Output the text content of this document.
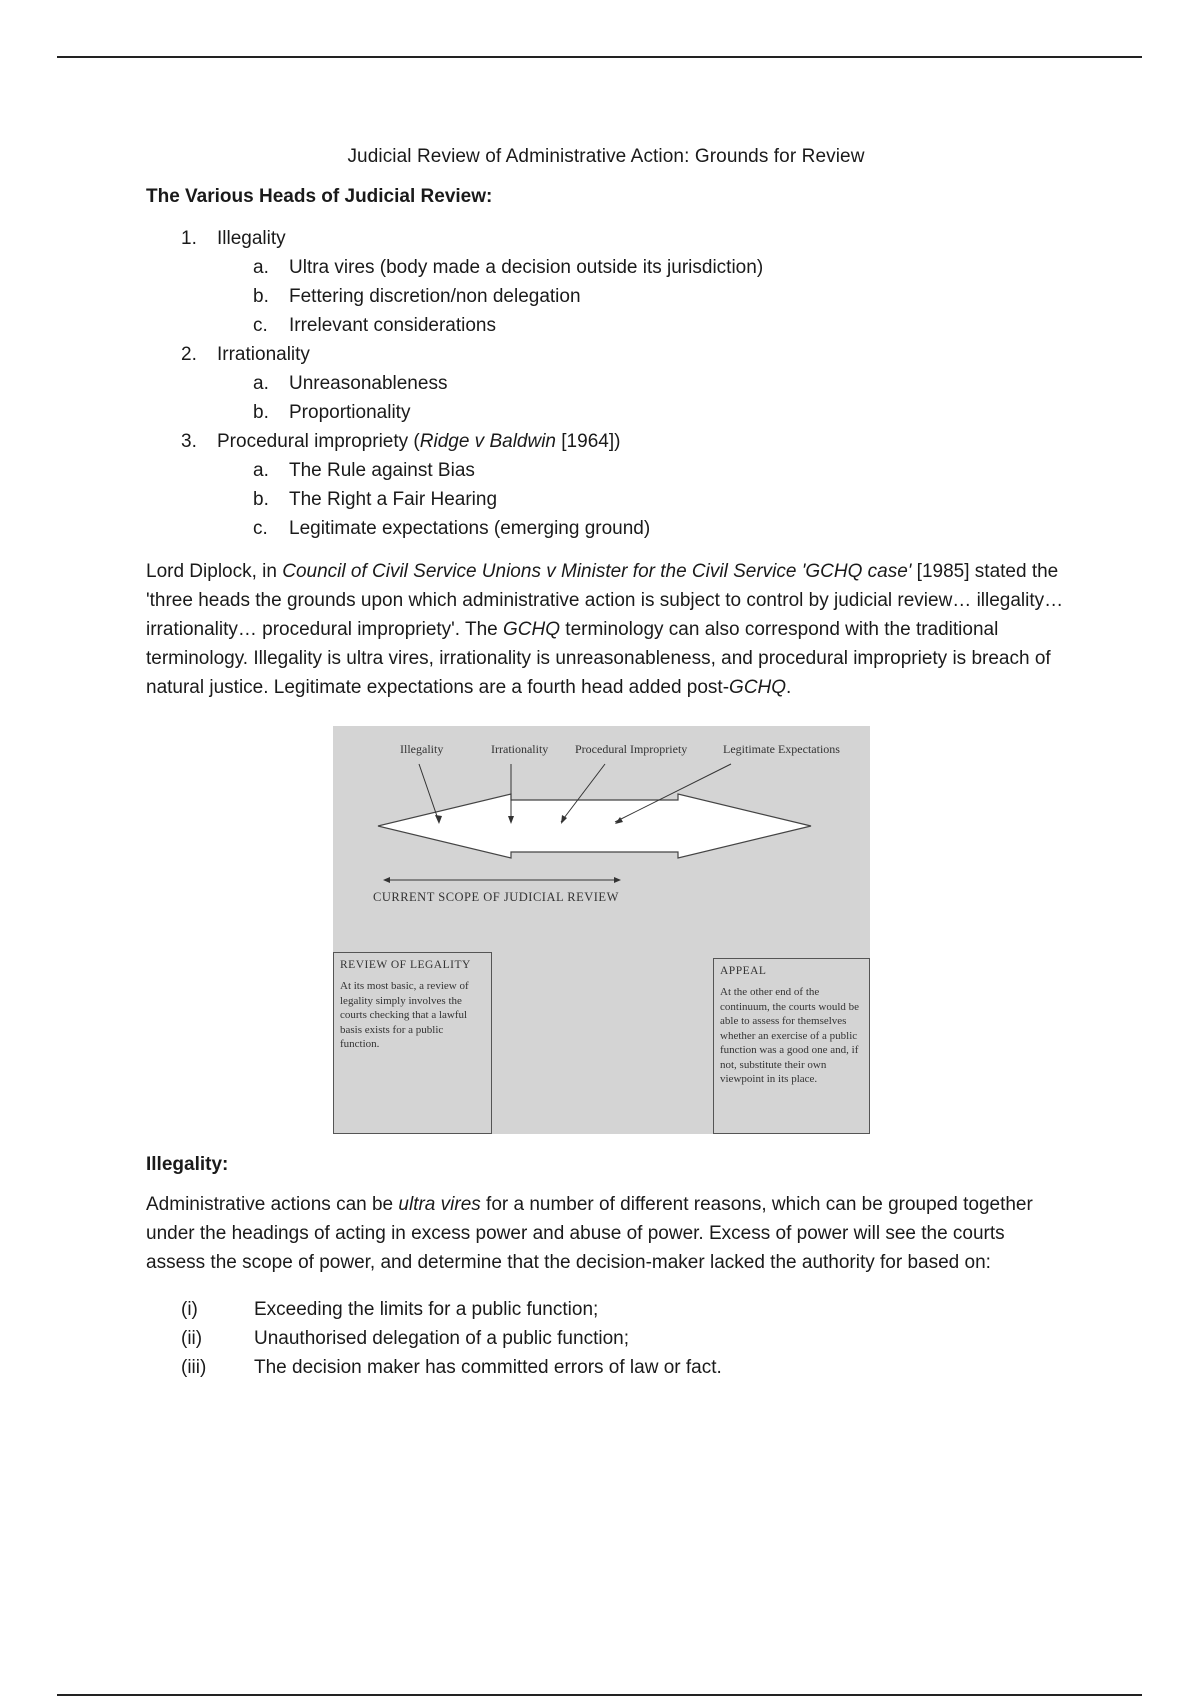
Judicial Review of Administrative Action: Grounds for Review
The Various Heads of Judicial Review:
1.	Illegality
a.	Ultra vires (body made a decision outside its jurisdiction)
b.	Fettering discretion/non delegation
c.	Irrelevant considerations
2.	Irrationality
a.	Unreasonableness
b.	Proportionality
3.	Procedural impropriety (Ridge v Baldwin [1964])
a.	The Rule against Bias
b.	The Right a Fair Hearing
c.	Legitimate expectations (emerging ground)

Lord Diplock, in Council of Civil Service Unions v Minister for the Civil Service 'GCHQ case' [1985] stated the 'three heads the grounds upon which administrative action is subject to control by judicial review… illegality… irrationality… procedural impropriety'. The GCHQ terminology can also correspond with the traditional terminology. Illegality is ultra vires, irrationality is unreasonableness, and procedural impropriety is breach of natural justice. Legitimate expectations are a fourth head added post-GCHQ.

Illegality	Irrationality Procedural Impropriety	Legitimate Expectations
CURRENT SCOPE OF JUDICIAL REVIEW
REVIEW OF LEGALITY
At its most basic, a review of legality simply involves the courts checking that a lawful basis exists for a public function.
APPEAL
At the other end of the continuum, the courts would be able to assess for themselves whether an exercise of a public function was a good one and, if not, substitute their own viewpoint in its place.
Illegality:

Administrative actions can be ultra vires for a number of different reasons, which can be grouped together under the headings of acting in excess power and abuse of power. Excess of power will see the courts assess the scope of power, and determine that the decision-maker lacked the authority for based on:

(i)	Exceeding the limits for a public function;
(ii)	Unauthorised delegation of a public function;
(iii)	The decision maker has committed errors of law or fact.
